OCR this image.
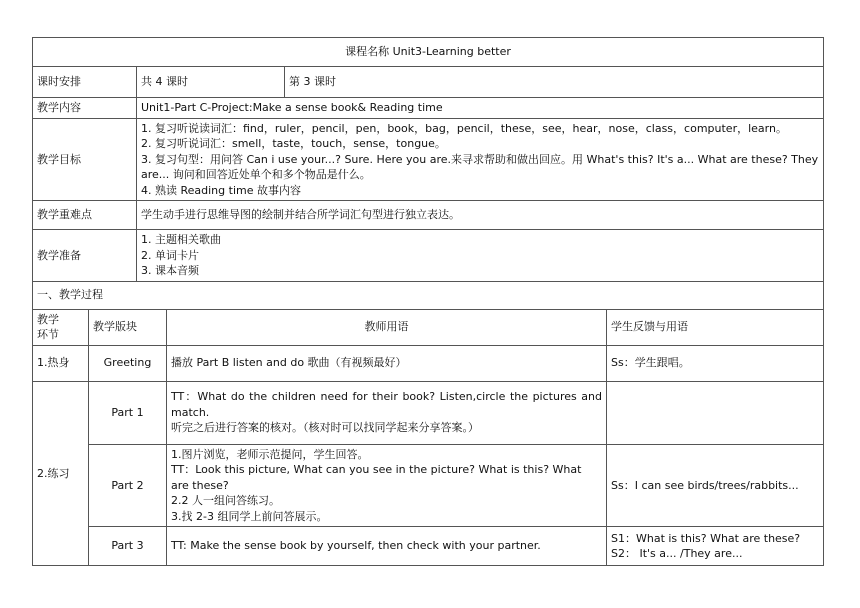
课程名称 Unit3-Learning better					
课时安排		共 4 课时		第 3 课时	
教学内容		Unit1-Part C-Project:Make a sense book& Reading time			
教学目标		1. 复习听说读词汇：find，ruler，pencil，pen，book，bag，pencil，these，see，hear，nose，class，computer，learn。
2. 复习听说词汇：smell，taste，touch，sense，tongue。
3. 复习句型：用问答 Can i use your...? Sure. Here you are.来寻求帮助和做出回应。用 What's this? It's a... What are these? They are... 询问和回答近处单个和多个物品是什么。
4. 熟读 Reading time 故事内容			

教学重难点		学生动手进行思维导图的绘制并结合所学词汇句型进行独立表达。			
教学准备		1. 主题相关歌曲
2. 单词卡片
3. 课本音频			

一、教学过程					
教学
环节	教学版块		教师用语		学生反馈与用语
1.热身	Greeting		播放 Part B listen and do 歌曲（有视频最好）		Ss：学生跟唱。
2.练习	Part 1		TT：What do the children need for their book? Listen,circle the pictures and match.
听完之后进行答案的核对。（核对时可以找同学起来分享答案。）		
	Part 2		1.图片浏览，老师示范提问，学生回答。
TT：Look this picture, What can you see in the picture? What is this? What are these?
2.2 人一组问答练习。
3.找 2-3 组同学上前问答展示。		Ss：I can see birds/trees/rabbits...
	Part 3		TT: Make the sense book by yourself, then check with your partner.		S1：What is this? What are these?
S2： It's a... /They are...
